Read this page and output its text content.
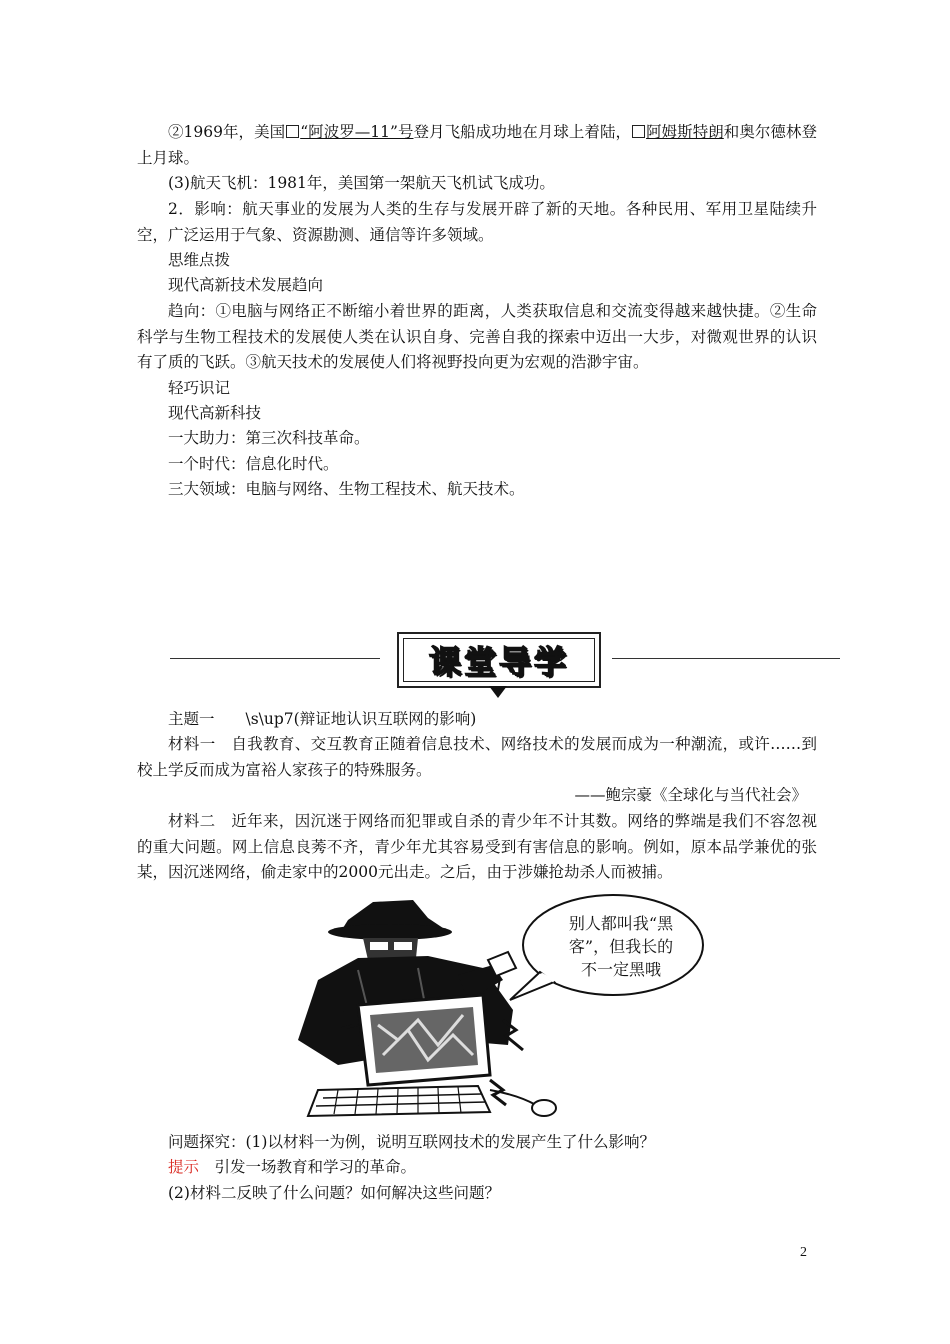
②1969年，美国 “阿波罗—11”号登月飞船成功地在月球上着陆， 阿姆斯特朗和奥尔德林登上月球。

(3)航天飞机：1981年，美国第一架航天飞机试飞成功。

2．影响：航天事业的发展为人类的生存与发展开辟了新的天地。各种民用、军用卫星陆续升空，广泛运用于气象、资源勘测、通信等许多领域。

思维点拨

现代高新技术发展趋向

趋向：①电脑与网络正不断缩小着世界的距离，人类获取信息和交流变得越来越快捷。②生命科学与生物工程技术的发展使人类在认识自身、完善自我的探索中迈出一大步，对微观世界的认识有了质的飞跃。③航天技术的发展使人们将视野投向更为宏观的浩渺宇宙。

轻巧识记

现代高新科技

一大助力：第三次科技革命。

一个时代：信息化时代。

三大领域：电脑与网络、生物工程技术、航天技术。

课堂导学

主题一　　\s\up7(辩证地认识互联网的影响)

材料一　自我教育、交互教育正随着信息技术、网络技术的发展而成为一种潮流，或许……到校上学反而成为富裕人家孩子的特殊服务。

——鲍宗豪《全球化与当代社会》

材料二　近年来，因沉迷于网络而犯罪或自杀的青少年不计其数。网络的弊端是我们不容忽视的重大问题。网上信息良莠不齐，青少年尤其容易受到有害信息的影响。例如，原本品学兼优的张某，因沉迷网络，偷走家中的2000元出走。之后，由于涉嫌抢劫杀人而被捕。

别人都叫我“黑
客”，但我长的
不一定黑哦

问题探究：(1)以材料一为例，说明互联网技术的发展产生了什么影响？

提示　引发一场教育和学习的革命。

(2)材料二反映了什么问题？如何解决这些问题？

2
